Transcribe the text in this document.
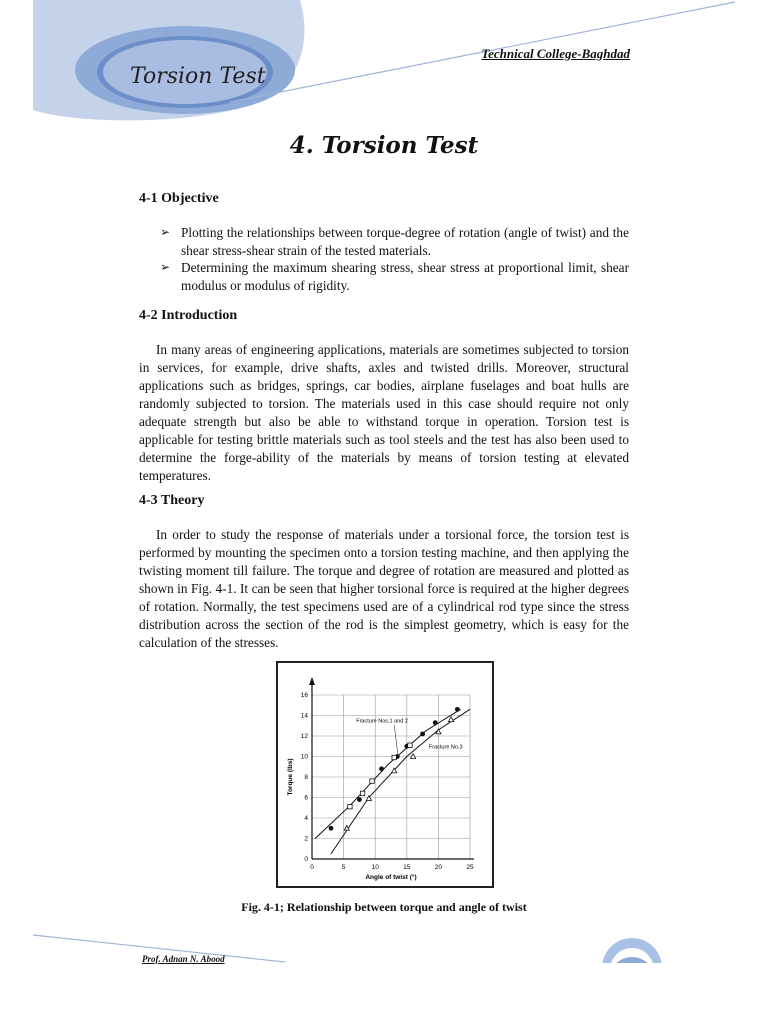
Torsion Test
Technical College-Baghdad
4. Torsion Test
4-1 Objective
➢ Plotting the relationships between torque-degree of rotation (angle of twist) and the shear stress-shear strain of the tested materials.
➢ Determining the maximum shearing stress, shear stress at proportional limit, shear modulus or modulus of rigidity.
4-2 Introduction

In many areas of engineering applications, materials are sometimes subjected to torsion in services, for example, drive shafts, axles and twisted drills. Moreover, structural applications such as bridges, springs, car bodies, airplane fuselages and boat hulls are randomly subjected to torsion. The materials used in this case should require not only adequate strength but also be able to withstand torque in operation. Torsion test is applicable for testing brittle materials such as tool steels and the test has also been used to determine the forge-ability of the materials by means of torsion testing at elevated temperatures.

4-3 Theory

In order to study the response of materials under a torsional force, the torsion test is performed by mounting the specimen onto a torsion testing machine, and then applying the twisting moment till failure. The torque and degree of rotation are measured and plotted as shown in Fig. 4-1. It can be seen that higher torsional force is required at the higher degrees of rotation. Normally, the test specimens used are of a cylindrical rod type since the stress distribution across the section of the rod is the simplest geometry, which is easy for the calculation of the stresses.

0	5	10	15	20	25
0
2
4
6
8
10
12
14
16
Angle of twist (°)
Torque (lbs)
Fracture Nos.1 and 2
Fracture No.3
Fig. 4-1; Relationship between torque and angle of twist
Prof. Adnan N. Abood
